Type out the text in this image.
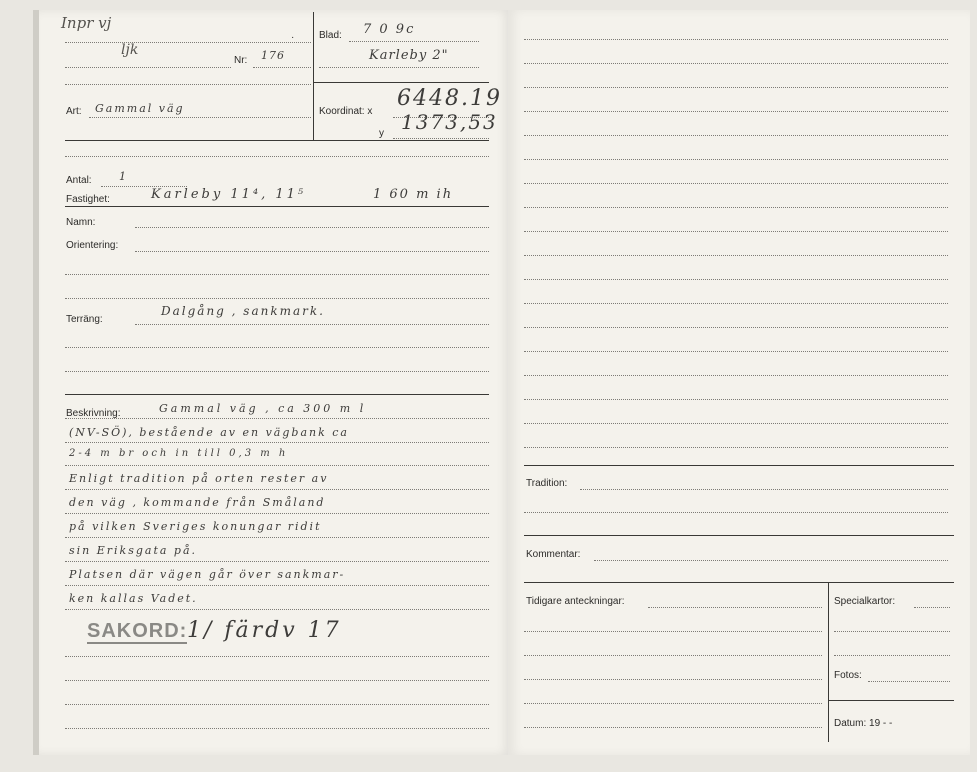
Inpr vj
ljk
·
Nr: 176
Blad: 7 0 9c
Karleby 2"
Art: Gammal väg	Koordinat: x
6448.19
y 1373,53
Antal: 1
Fastighet:	Karleby 11⁴, 11⁵	1 60 m ih
Namn:
Orientering:
Terräng:
Dalgång , sankmark.
Beskrivning:	Gammal väg , ca 300 m l
(NV-SÖ), bestående av en vägbank ca
2-4 m br och in till 0,3 m h
Enligt tradition på orten rester av
den väg , kommande från Småland
på vilken Sveriges konungar ridit
sin Eriksgata på.
Platsen där vägen går över sankmar-
ken kallas Vadet.
SAKORD: 1/ färdv 17
Tradition:
Kommentar:
Tidigare anteckningar:	Specialkartor:
Fotos:
Datum: 19 - -
